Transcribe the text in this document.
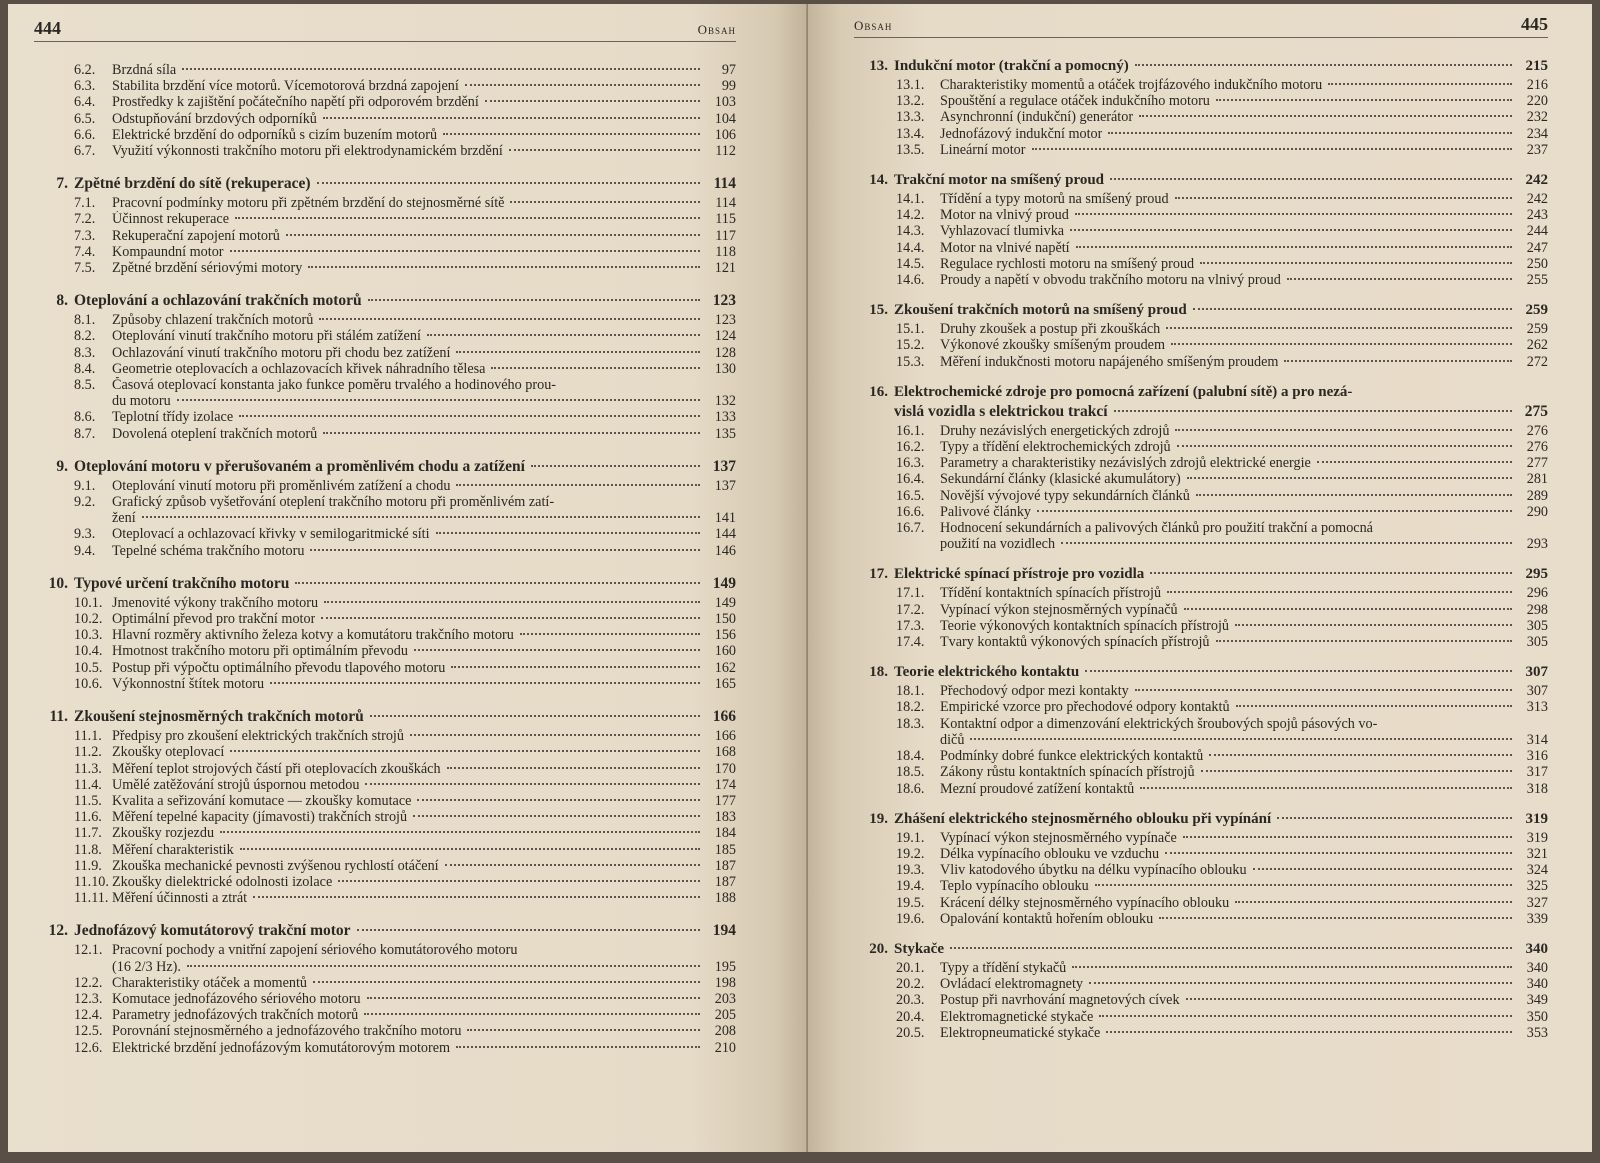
444	Obsah
6.2.	Brzdná síla	97
6.3.	Stabilita brzdění více motorů. Vícemotorová brzdná zapojení	99
6.4.	Prostředky k zajištění počátečního napětí při odporovém brzdění	103
6.5.	Odstupňování brzdových odporníků	104
6.6.	Elektrické brzdění do odporníků s cizím buzením motorů	106
6.7.	Využití výkonnosti trakčního motoru při elektrodynamickém brzdění	112
7. Zpětné brzdění do sítě (rekuperace)	114
7.1.	Pracovní podmínky motoru při zpětném brzdění do stejnosměrné sítě	114
7.2.	Účinnost rekuperace	115
7.3.	Rekuperační zapojení motorů	117
7.4.	Kompaundní motor	118
7.5.	Zpětné brzdění sériovými motory	121
8. Oteplování a ochlazování trakčních motorů	123
8.1.	Způsoby chlazení trakčních motorů	123
8.2.	Oteplování vinutí trakčního motoru při stálém zatížení	124
8.3.	Ochlazování vinutí trakčního motoru při chodu bez zatížení	128
8.4.	Geometrie oteplovacích a ochlazovacích křivek náhradního tělesa	130
8.5.	Časová oteplovací konstanta jako funkce poměru trvalého a hodinového prou-
du motoru	132
8.6.	Teplotní třídy izolace	133
8.7.	Dovolená oteplení trakčních motorů	135
9. Oteplování motoru v přerušovaném a proměnlivém chodu a zatížení	137
9.1.	Oteplování vinutí motoru při proměnlivém zatížení a chodu	137
9.2.	Grafický způsob vyšetřování oteplení trakčního motoru při proměnlivém zatí-
žení	141
9.3.	Oteplovací a ochlazovací křivky v semilogaritmické síti	144
9.4.	Tepelné schéma trakčního motoru	146
10. Typové určení trakčního motoru	149
10.1. Jmenovité výkony trakčního motoru	149
10.2. Optimální převod pro trakční motor	150
10.3. Hlavní rozměry aktivního železa kotvy a komutátoru trakčního motoru	156
10.4. Hmotnost trakčního motoru při optimálním převodu	160
10.5. Postup při výpočtu optimálního převodu tlapového motoru	162
10.6. Výkonnostní štítek motoru	165
11. Zkoušení stejnosměrných trakčních motorů	166
11.1. Předpisy pro zkoušení elektrických trakčních strojů	166
11.2. Zkoušky oteplovací	168
11.3. Měření teplot strojových částí při oteplovacích zkouškách	170
11.4. Umělé zatěžování strojů úspornou metodou	174
11.5. Kvalita a seřizování komutace — zkoušky komutace	177
11.6. Měření tepelné kapacity (jímavosti) trakčních strojů	183
11.7. Zkoušky rozjezdu	184
11.8. Měření charakteristik	185
11.9. Zkouška mechanické pevnosti zvýšenou rychlostí otáčení	187
11.10. Zkoušky dielektrické odolnosti izolace	187
11.11. Měření účinnosti a ztrát	188
12. Jednofázový komutátorový trakční motor	194
12.1. Pracovní pochody a vnitřní zapojení sériového komutátorového motoru
(16 2/3 Hz).	195
12.2. Charakteristiky otáček a momentů	198
12.3. Komutace jednofázového sériového motoru	203
12.4. Parametry jednofázových trakčních motorů	205
12.5. Porovnání stejnosměrného a jednofázového trakčního motoru	208
12.6. Elektrické brzdění jednofázovým komutátorovým motorem	210
Obsah	445
13. Indukční motor (trakční a pomocný)	215
13.1.	Charakteristiky momentů a otáček trojfázového indukčního motoru	216
13.2.	Spouštění a regulace otáček indukčního motoru	220
13.3.	Asynchronní (indukční) generátor	232
13.4.	Jednofázový indukční motor	234
13.5.	Lineární motor	237
14. Trakční motor na smíšený proud	242
14.1.	Třídění a typy motorů na smíšený proud	242
14.2.	Motor na vlnivý proud	243
14.3.	Vyhlazovací tlumivka	244
14.4.	Motor na vlnivé napětí	247
14.5.	Regulace rychlosti motoru na smíšený proud	250
14.6.	Proudy a napětí v obvodu trakčního motoru na vlnivý proud	255
15. Zkoušení trakčních motorů na smíšený proud	259
15.1.	Druhy zkoušek a postup při zkouškách	259
15.2.	Výkonové zkoušky smíšeným proudem	262
15.3.	Měření indukčnosti motoru napájeného smíšeným proudem	272
16. Elektrochemické zdroje pro pomocná zařízení (palubní sítě) a pro nezá-
vislá vozidla s elektrickou trakcí	275
16.1.	Druhy nezávislých energetických zdrojů	276
16.2.	Typy a třídění elektrochemických zdrojů	276
16.3.	Parametry a charakteristiky nezávislých zdrojů elektrické energie	277
16.4.	Sekundární články (klasické akumulátory)	281
16.5.	Novější vývojové typy sekundárních článků	289
16.6.	Palivové články	290
16.7.	Hodnocení sekundárních a palivových článků pro použití trakční a pomocná
použití na vozidlech	293
17. Elektrické spínací přístroje pro vozidla	295
17.1.	Třídění kontaktních spínacích přístrojů	296
17.2.	Vypínací výkon stejnosměrných vypínačů	298
17.3.	Teorie výkonových kontaktních spínacích přístrojů	305
17.4.	Tvary kontaktů výkonových spínacích přístrojů	305
18. Teorie elektrického kontaktu	307
18.1.	Přechodový odpor mezi kontakty	307
18.2.	Empirické vzorce pro přechodové odpory kontaktů	313
18.3.	Kontaktní odpor a dimenzování elektrických šroubových spojů pásových vo-
dičů	314
18.4.	Podmínky dobré funkce elektrických kontaktů	316
18.5.	Zákony růstu kontaktních spínacích přístrojů	317
18.6.	Mezní proudové zatížení kontaktů	318
19. Zhášení elektrického stejnosměrného oblouku při vypínání	319
19.1.	Vypínací výkon stejnosměrného vypínače	319
19.2.	Délka vypínacího oblouku ve vzduchu	321
19.3.	Vliv katodového úbytku na délku vypínacího oblouku	324
19.4.	Teplo vypínacího oblouku	325
19.5.	Krácení délky stejnosměrného vypínacího oblouku	327
19.6.	Opalování kontaktů hořením oblouku	339
20. Stykače	340
20.1.	Typy a třídění stykačů	340
20.2.	Ovládací elektromagnety	340
20.3.	Postup při navrhování magnetových cívek	349
20.4.	Elektromagnetické stykače	350
20.5.	Elektropneumatické stykače	353
